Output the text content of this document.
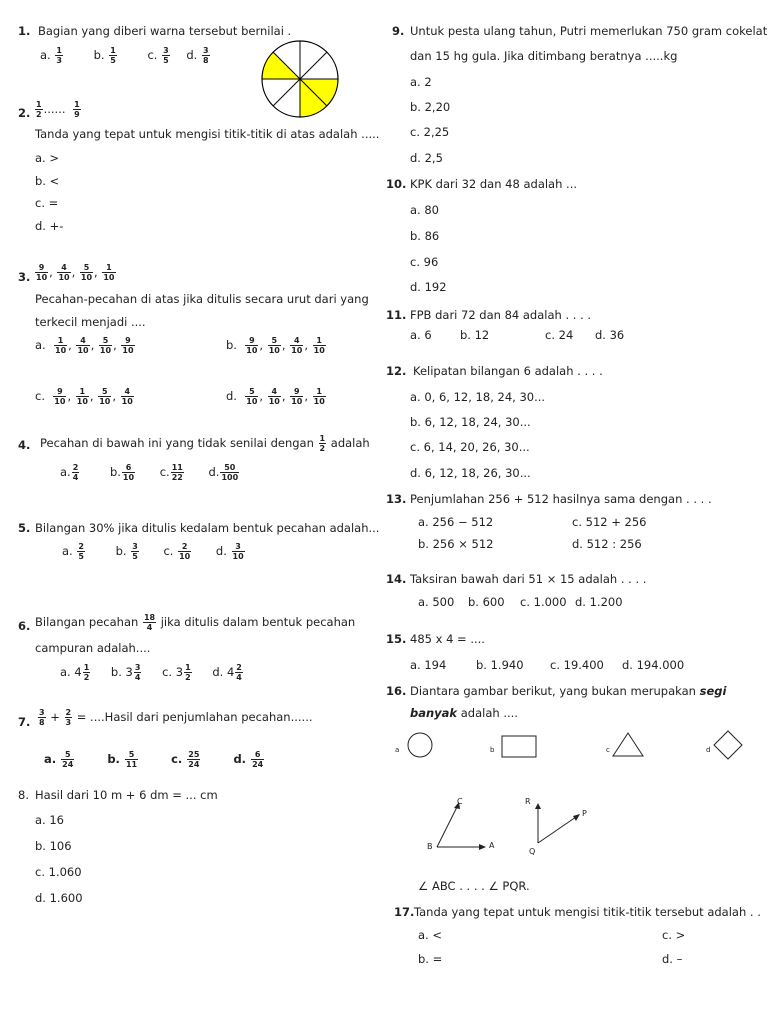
1. Bagian yang diberi warna tersebut bernilai .
a. $\frac{1}{3}$	b. $\frac{1}{5}$	c. $\frac{3}{5} d$. $\frac{3}{8}$
2. $\frac{1}{2}$ ...... $\frac{1}{9}$
Tanda yang tepat untuk mengisi titik-titik di atas adalah .....
a. >
b. <
c. =
d. +-
3. $\frac{9}{10}$ , $\frac{4}{10}$ , $\frac{5}{10}$ , $\frac{1}{10}$
Pecahan-pecahan di atas jika ditulis secara urut dari yang
terkecil menjadi ....
a. $\frac{1}{10}$ , $\frac{4}{10}$ , $\frac{5}{10}$ , $\frac{9}{10}$	b. $\frac{9}{10}$ , $\frac{5}{10}$ , $\frac{4}{10}$ , $\frac{1}{10}$
c. $\frac{9}{10}$ , $\frac{1}{10}$ , $\frac{5}{10}$ , $\frac{4}{10}$	d. $\frac{5}{10}$ , $\frac{4}{10}$ , $\frac{9}{10}$ , $\frac{1}{10}$
4. Pecahan di bawah ini yang tidak senilai dengan $\frac{1}{2}$ adalah
a. $\frac{2}{4}$	b. $\frac{6}{10} c$. $\frac{11}{22} d$. $\frac{50}{100}$
5. Bilangan 30% jika ditulis kedalam bentuk pecahan adalah...
a. $\frac{2}{5}$	b. $\frac{3}{5} c$. $\frac{2}{10} d$. $\frac{3}{10}$
6. Bilangan pecahan $\frac{18}{4}$ jika ditulis dalam bentuk pecahan
campuran adalah....
a. $4 \frac{1}{2} b$. $3 \frac{3}{4} c$. $3 \frac{1}{2} d$. $4 \frac{2}{4}$
7. $\frac{3}{8} + \frac{2}{3}$ = ....Hasil dari penjumlahan pecahan......
a. $\frac{5}{24}$	b. $\frac{5}{11}$	c. $\frac{25}{24}$	d. $\frac{6}{24}$
8. Hasil dari 10 m + 6 dm = ... cm
a. 16
b. 106
c. 1.060
d. 1.600
9. Untuk pesta ulang tahun, Putri memerlukan 750 gram cokelat
dan 15 hg gula. Jika ditimbang beratnya .....kg
a. 2
b. 2,20
c. 2,25
d. 2,5
10. KPK dari 32 dan 48 adalah ...
a. 80
b. 86
c. 96
d. 192
11. FPB dari 72 dan 84 adalah . . . .
a. 6 b. 12	c. 24 d. 36
12. Kelipatan bilangan 6 adalah . . . .
a. 0, 6, 12, 18, 24, 30...
b. 6, 12, 18, 24, 30...
c. 6, 14, 20, 26, 30...
d. 6, 12, 18, 26, 30...
13. Penjumlahan 256 + 512 hasilnya sama dengan . . . .
a. 256 − 512	c. 512 + 256
b. 256 × 512	d. 512 : 256
14. Taksiran bawah dari 51 × 15 adalah . . . .
a. 500 b. 600 c. 1.000 d. 1.200
15. 485 x 4 = ....
a. 194	b. 1.940 c. 19.400 d. 194.000
16. Diantara gambar berikut, yang bukan merupakan segi
banyak adalah ....
a	b	c	d
C
B	A
R
P
Q
∠ ABC . . . . ∠ PQR.
17. Tanda yang tepat untuk mengisi titik-titik tersebut adalah . .
a. <	c. >
b. =	d. –
